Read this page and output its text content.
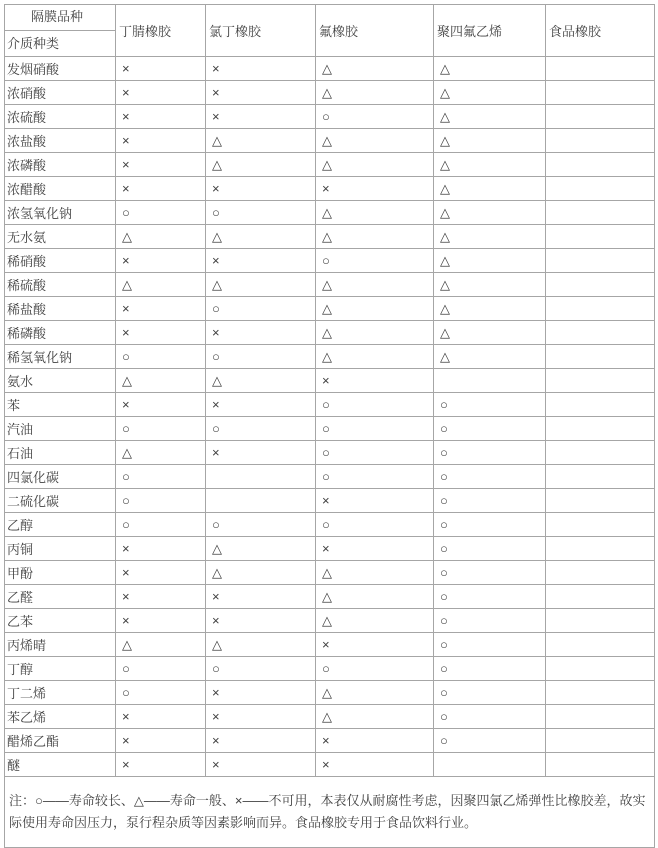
隔膜品种
介质种类	丁腈橡胶	氯丁橡胶	氟橡胶	聚四氟乙烯	食品橡胶
发烟硝酸	×	×	△	△	
浓硝酸	×	×	△	△	
浓硫酸	×	×	○	△	
浓盐酸	×	△	△	△	
浓磷酸	×	△	△	△	
浓醋酸	×	×	×	△	
浓氢氧化钠	○	○	△	△	
无水氨	△	△	△	△	
稀硝酸	×	×	○	△	
稀硫酸	△	△	△	△	
稀盐酸	×	○	△	△	
稀磷酸	×	×	△	△	
稀氢氧化钠	○	○	△	△	
氨水	△	△	×		
苯	×	×	○	○	
汽油	○	○	○	○	
石油	△	×	○	○	
四氯化碳	○		○	○	
二硫化碳	○		×	○	
乙醇	○	○	○	○	
丙铜	×	△	×	○	
甲酚	×	△	△	○	
乙醛	×	×	△	○	
乙苯	×	×	△	○	
丙烯晴	△	△	×	○	
丁醇	○	○	○	○	
丁二烯	○	×	△	○	
苯乙烯	×	×	△	○	
醋烯乙酯	×	×	×	○	
醚	×	×	×		
注：○——寿命较长、△——寿命一般、×——不可用，本表仅从耐腐性考虑，因聚四氯乙烯弹性比橡胶差，故实际使用寿命因压力，泵行程杂质等因素影响而异。食品橡胶专用于食品饮料行业。					
